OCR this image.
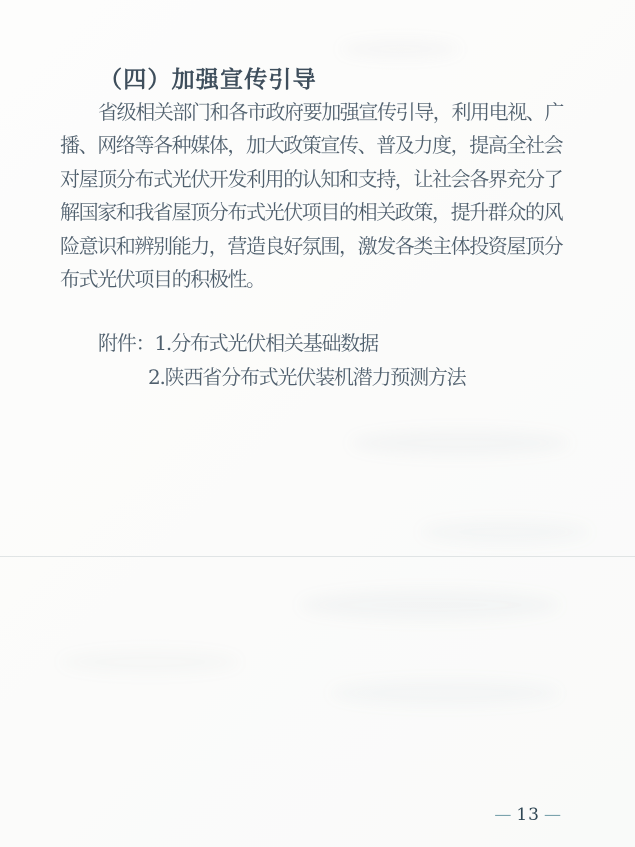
（四）加强宣传引导
省级相关部门和各市政府要加强宣传引导，利用电视、广
播、网络等各种媒体，加大政策宣传、普及力度，提高全社会
对屋顶分布式光伏开发利用的认知和支持，让社会各界充分了
解国家和我省屋顶分布式光伏项目的相关政策，提升群众的风
险意识和辨别能力，营造良好氛围，激发各类主体投资屋顶分
布式光伏项目的积极性。
附件：1.分布式光伏相关基础数据
2.陕西省分布式光伏装机潜力预测方法
— 13 —
